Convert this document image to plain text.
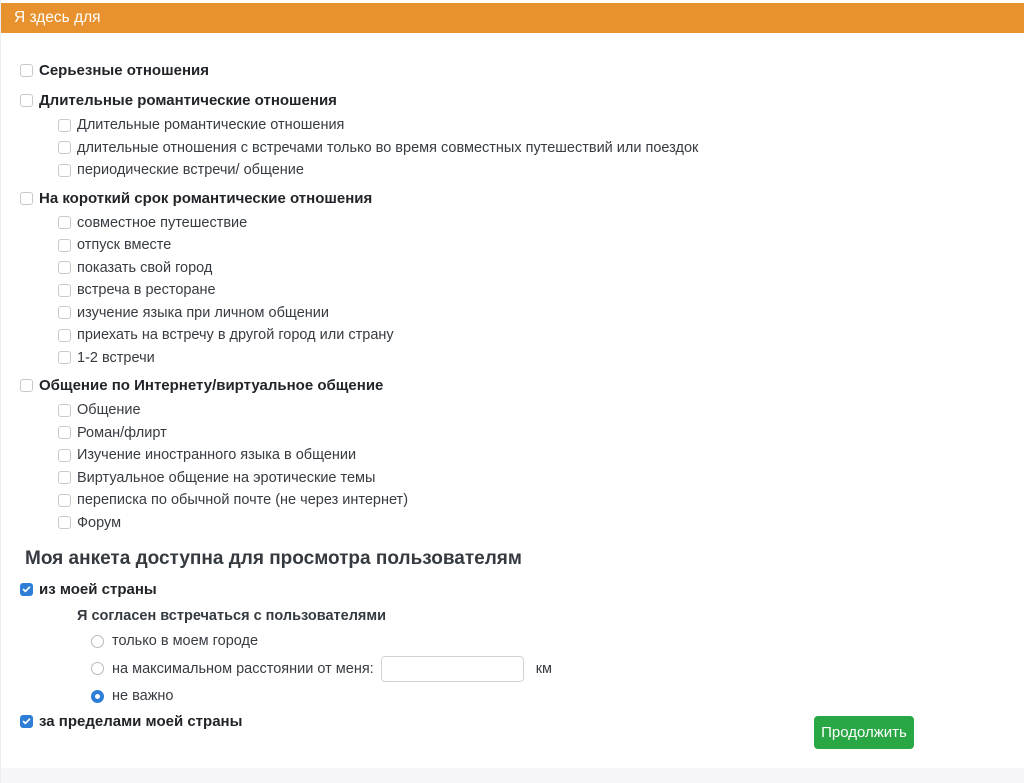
Я здесь для
Серьезные отношения
Длительные романтические отношения
Длительные романтические отношения
длительные отношения с встречами только во время совместных путешествий или поездок
периодические встречи/ общение
На короткий срок романтические отношения
совместное путешествие
отпуск вместе
показать свой город
встреча в ресторане
изучение языка при личном общении
приехать на встречу в другой город или страну
1-2 встречи
Общение по Интернету/виртуальное общение
Общение
Роман/флирт
Изучение иностранного языка в общении
Виртуальное общение на эротические темы
переписка по обычной почте (не через интернет)
Форум
Моя анкета доступна для просмотра пользователям
из моей страны
Я согласен встречаться с пользователями
только в моем городе
на максимальном расстоянии от меня:	км
не важно
за пределами моей страны
Продолжить
